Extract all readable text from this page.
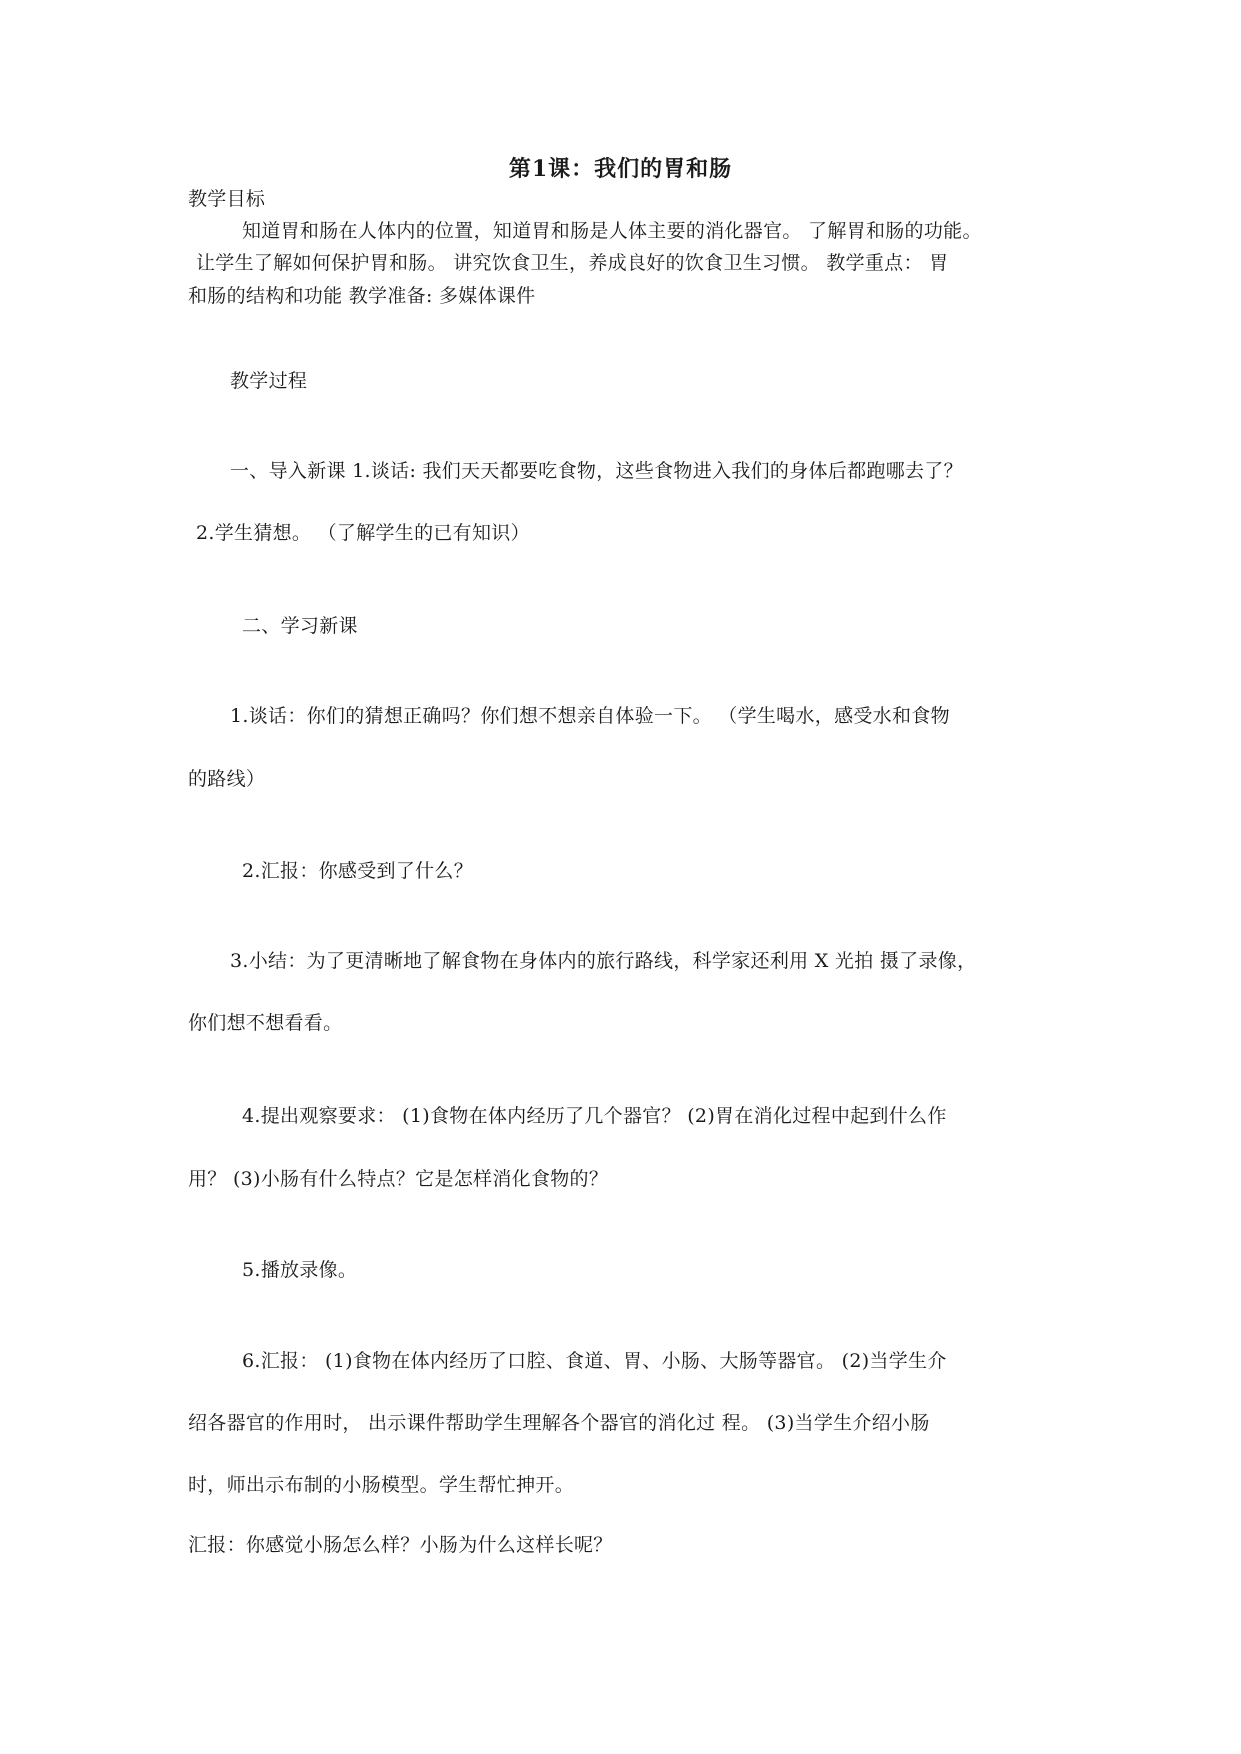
第1课：我们的胃和肠

教学目标

知道胃和肠在人体内的位置，知道胃和肠是人体主要的消化器官。 了解胃和肠的功能。

让学生了解如何保护胃和肠。 讲究饮食卫生，养成良好的饮食卫生习惯。 教学重点： 胃

和肠的结构和功能 教学准备: 多媒体课件

教学过程

一、导入新课 1.谈话: 我们天天都要吃食物，这些食物进入我们的身体后都跑哪去了？

2.学生猜想。 （了解学生的已有知识）

二、学习新课

1.谈话：你们的猜想正确吗？你们想不想亲自体验一下。 （学生喝水，感受水和食物

的路线）

2.汇报：你感受到了什么？

3.小结：为了更清晰地了解食物在身体内的旅行路线，科学家还利用 X 光拍 摄了录像，

你们想不想看看。

4.提出观察要求： (1)食物在体内经历了几个器官？ (2)胃在消化过程中起到什么作

用？ (3)小肠有什么特点？它是怎样消化食物的？

5.播放录像。

6.汇报： (1)食物在体内经历了口腔、食道、胃、小肠、大肠等器官。 (2)当学生介

绍各器官的作用时， 出示课件帮助学生理解各个器官的消化过 程。 (3)当学生介绍小肠

时，师出示布制的小肠模型。学生帮忙抻开。

汇报：你感觉小肠怎么样？小肠为什么这样长呢？
